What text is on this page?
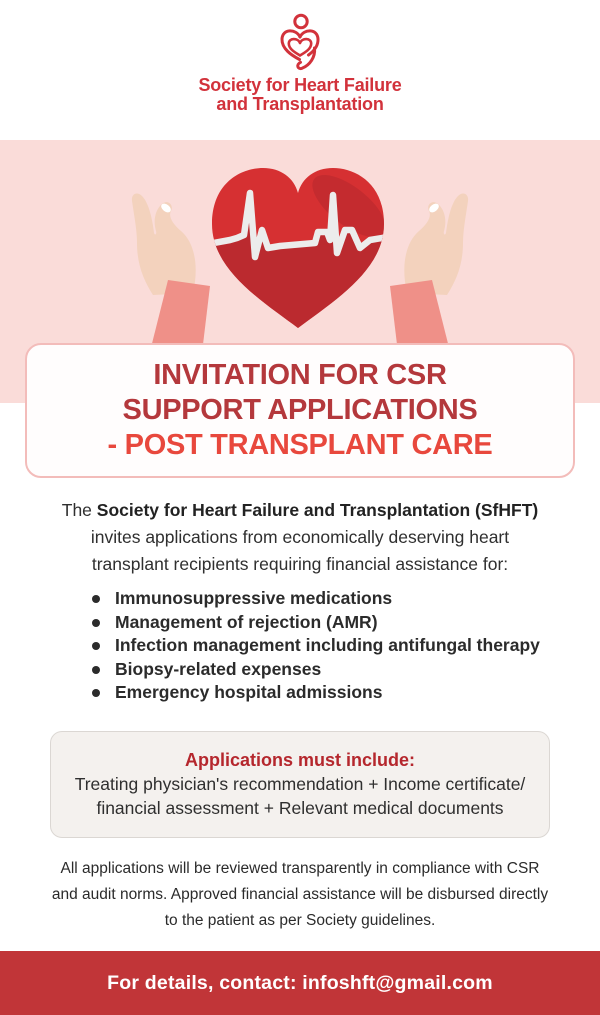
Society for Heart Failure
and Transplantation
INVITATION FOR CSR
SUPPORT APPLICATIONS
- POST TRANSPLANT CARE
The Society for Heart Failure and Transplantation (SfHFT)
invites applications from economically deserving heart
transplant recipients requiring financial assistance for:
Immunosuppressive medications
Management of rejection (AMR)
Infection management including antifungal therapy
Biopsy-related expenses
Emergency hospital admissions
Applications must include:
Treating physician's recommendation + Income certificate/
financial assessment + Relevant medical documents
All applications will be reviewed transparently in compliance with CSR
and audit norms. Approved financial assistance will be disbursed directly
to the patient as per Society guidelines.
For details, contact: infoshft@gmail.com
